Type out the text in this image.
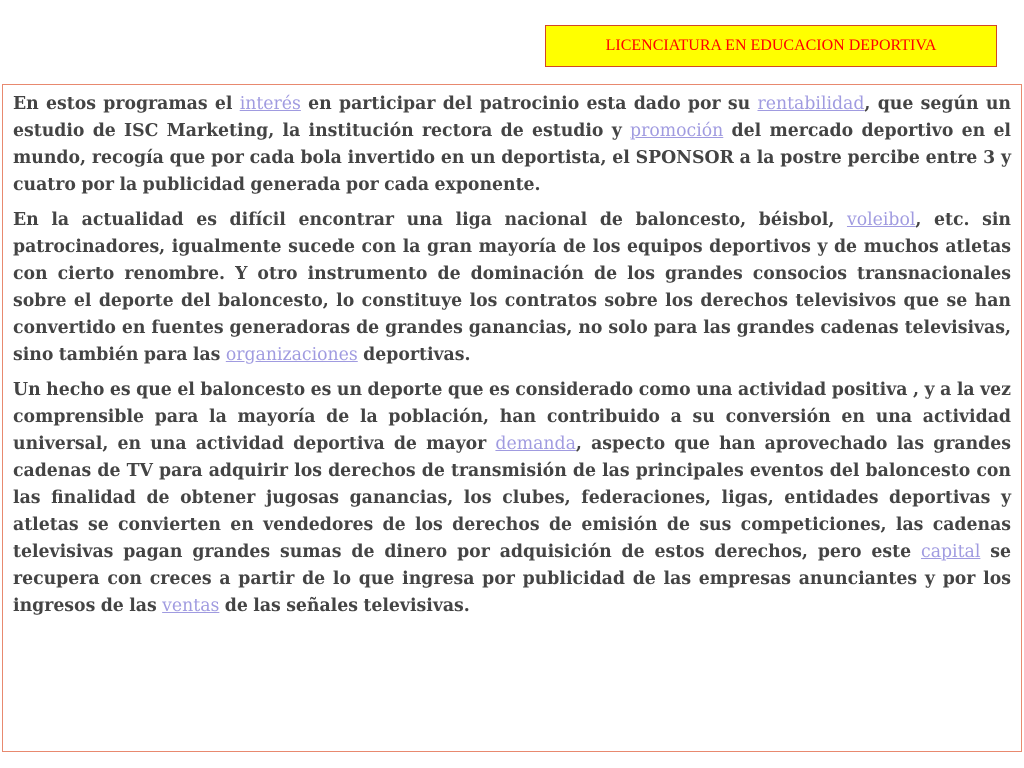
LICENCIATURA EN EDUCACION DEPORTIVA

En estos programas el interés en participar del patrocinio esta dado por su rentabilidad, que según un estudio de ISC Marketing, la institución rectora de estudio y promoción del mercado deportivo en el mundo, recogía que por cada bola invertido en un deportista, el SPONSOR a la postre percibe entre 3 y cuatro por la publicidad generada por cada exponente.

En la actualidad es difícil encontrar una liga nacional de baloncesto, béisbol, voleibol, etc. sin patrocinadores, igualmente sucede con la gran mayoría de los equipos deportivos y de muchos atletas con cierto renombre. Y otro instrumento de dominación de los grandes consocios transnacionales sobre el deporte del baloncesto, lo constituye los contratos sobre los derechos televisivos que se han convertido en fuentes generadoras de grandes ganancias, no solo para las grandes cadenas televisivas, sino también para las organizaciones deportivas.

Un hecho es que el baloncesto es un deporte que es considerado como una actividad positiva , y a la vez comprensible para la mayoría de la población, han contribuido a su conversión en una actividad universal, en una actividad deportiva de mayor demanda, aspecto que han aprovechado las grandes cadenas de TV para adquirir los derechos de transmisión de las principales eventos del baloncesto con las finalidad de obtener jugosas ganancias, los clubes, federaciones, ligas, entidades deportivas y atletas se convierten en vendedores de los derechos de emisión de sus competiciones, las cadenas televisivas pagan grandes sumas de dinero por adquisición de estos derechos, pero este capital se recupera con creces a partir de lo que ingresa por publicidad de las empresas anunciantes y por los ingresos de las ventas de las señales televisivas.
